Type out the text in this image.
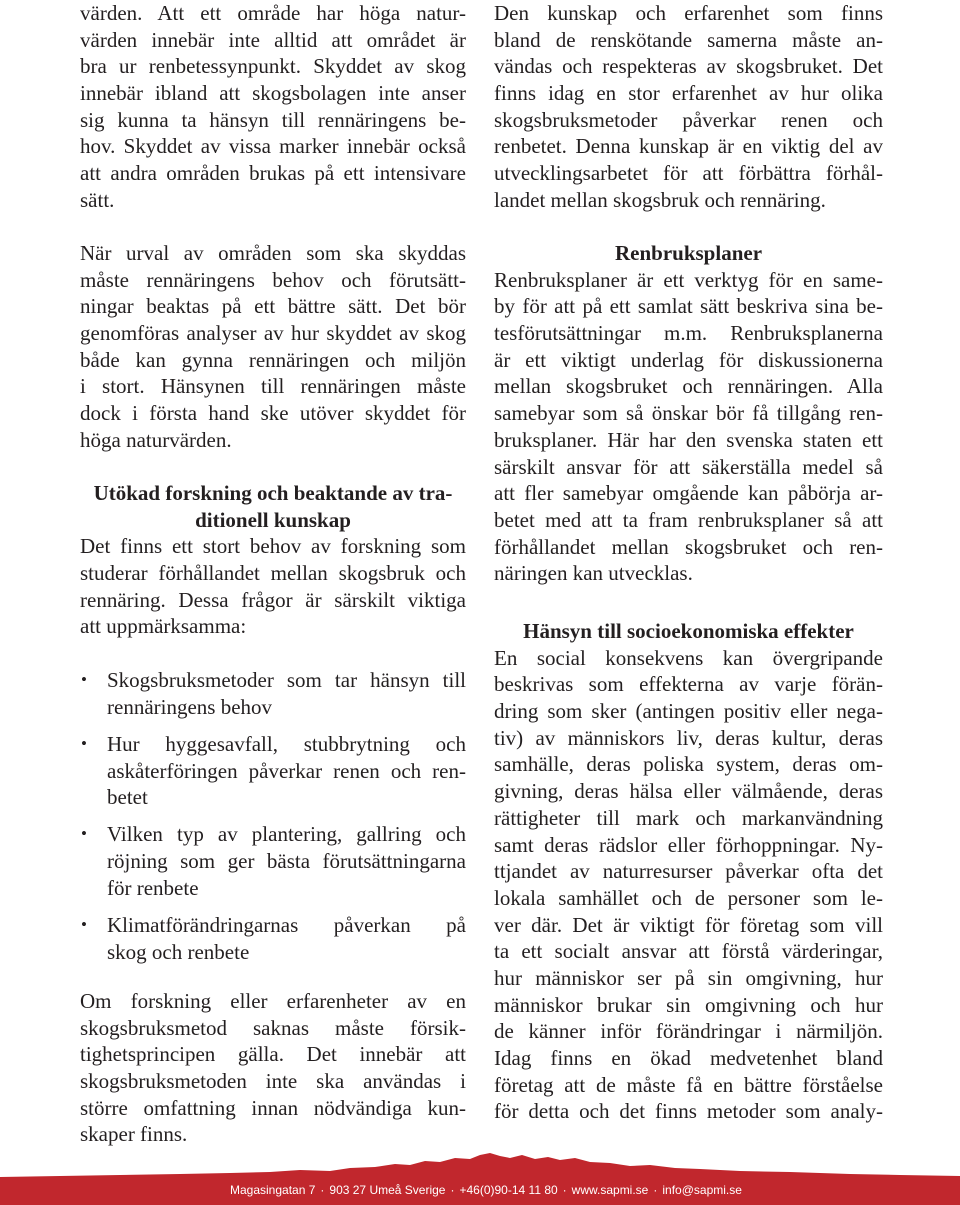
värden. Att ett område har höga natur-
värden innebär inte alltid att området är
bra ur renbetessynpunkt. Skyddet av skog
innebär ibland att skogsbolagen inte anser
sig kunna ta hänsyn till rennäringens be-
hov. Skyddet av vissa marker innebär också
att andra områden brukas på ett intensivare
sätt.
När urval av områden som ska skyddas
måste rennäringens behov och förutsätt-
ningar beaktas på ett bättre sätt. Det bör
genomföras analyser av hur skyddet av skog
både kan gynna rennäringen och miljön
i stort. Hänsynen till rennäringen måste
dock i första hand ske utöver skyddet för
höga naturvärden.
Utökad forskning och beaktande av tra-
ditionell kunskap
Det finns ett stort behov av forskning som
studerar förhållandet mellan skogsbruk och
rennäring. Dessa frågor är särskilt viktiga
att uppmärksamma:
• Skogsbruksmetoder som tar hänsyn till
rennäringens behov
• Hur hyggesavfall, stubbrytning och
askåterföringen påverkar renen och ren-
betet
• Vilken typ av plantering, gallring och
röjning som ger bästa förutsättningarna
för renbete
• Klimatförändringarnas påverkan på
skog och renbete
Om forskning eller erfarenheter av en
skogsbruksmetod saknas måste försik-
tighetsprincipen gälla. Det innebär att
skogsbruksmetoden inte ska användas i
större omfattning innan nödvändiga kun-
skaper finns.
Den kunskap och erfarenhet som finns
bland de renskötande samerna måste an-
vändas och respekteras av skogsbruket. Det
finns idag en stor erfarenhet av hur olika
skogsbruksmetoder påverkar renen och
renbetet. Denna kunskap är en viktig del av
utvecklingsarbetet för att förbättra förhål-
landet mellan skogsbruk och rennäring.
Renbruksplaner
Renbruksplaner är ett verktyg för en same-
by för att på ett samlat sätt beskriva sina be-
tesförutsättningar m.m. Renbruksplanerna
är ett viktigt underlag för diskussionerna
mellan skogsbruket och rennäringen. Alla
samebyar som så önskar bör få tillgång ren-
bruksplaner. Här har den svenska staten ett
särskilt ansvar för att säkerställa medel så
att fler samebyar omgående kan påbörja ar-
betet med att ta fram renbruksplaner så att
förhållandet mellan skogsbruket och ren-
näringen kan utvecklas.
Hänsyn till socioekonomiska effekter
En social konsekvens kan övergripande
beskrivas som effekterna av varje förän-
dring som sker (antingen positiv eller nega-
tiv) av människors liv, deras kultur, deras
samhälle, deras poliska system, deras om-
givning, deras hälsa eller välmående, deras
rättigheter till mark och markanvändning
samt deras rädslor eller förhoppningar. Ny-
ttjandet av naturresurser påverkar ofta det
lokala samhället och de personer som le-
ver där. Det är viktigt för företag som vill
ta ett socialt ansvar att förstå värderingar,
hur människor ser på sin omgivning, hur
människor brukar sin omgivning och hur
de känner inför förändringar i närmiljön.
Idag finns en ökad medvetenhet bland
företag att de måste få en bättre förståelse
för detta och det finns metoder som analy-
Magasingatan 7 · 903 27 Umeå Sverige · +46(0)90-14 11 80 · www.sapmi.se · info@sapmi.se
